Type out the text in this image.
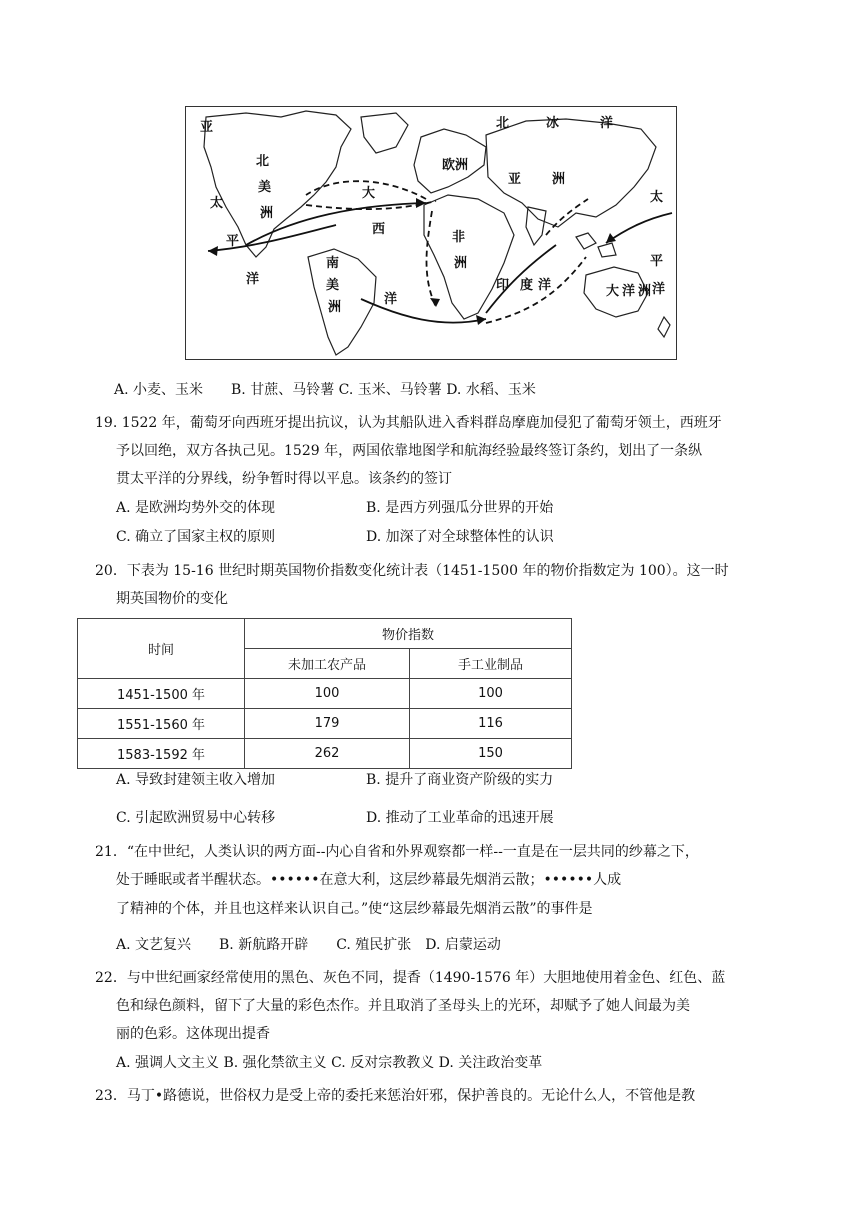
亚
北
美
洲
太
平
洋
大
西
洋
欧洲
亚 洲
非
洲
南
美
洲
印 度 洋
北	冰	洋
太
平
洋
大 洋 洲
A. 小麦、玉米　　B. 甘蔗、马铃薯 C. 玉米、马铃薯 D. 水稻、玉米
19. 1522 年，葡萄牙向西班牙提出抗议，认为其船队进入香料群岛摩鹿加侵犯了葡萄牙领土，西班牙
予以回绝，双方各执己见。1529 年，两国依靠地图学和航海经验最终签订条约，划出了一条纵
贯太平洋的分界线，纷争暂时得以平息。该条约的签订
A. 是欧洲均势外交的体现	B. 是西方列强瓜分世界的开始
C. 确立了国家主权的原则	D. 加深了对全球整体性的认识
20．下表为 15-16 世纪时期英国物价指数变化统计表（1451-1500 年的物价指数定为 100）。这一时
期英国物价的变化
时间	物价指数	
	未加工农产品	手工业制品
1451-1500 年	100	100
1551-1560 年	179	116
1583-1592 年	262	150
A. 导致封建领主收入增加	B. 提升了商业资产阶级的实力
C. 引起欧洲贸易中心转移	D. 推动了工业革命的迅速开展
21．“在中世纪，人类认识的两方面--内心自省和外界观察都一样--一直是在一层共同的纱幕之下，
处于睡眠或者半醒状态。••••••在意大利，这层纱幕最先烟消云散；••••••人成
了精神的个体，并且也这样来认识自己。”使“这层纱幕最先烟消云散”的事件是
A. 文艺复兴　　B. 新航路开辟　　C. 殖民扩张　D. 启蒙运动
22．与中世纪画家经常使用的黑色、灰色不同，提香（1490-1576 年）大胆地使用着金色、红色、蓝
色和绿色颜料，留下了大量的彩色杰作。并且取消了圣母头上的光环，却赋予了她人间最为美
丽的色彩。这体现出提香
A. 强调人文主义 B. 强化禁欲主义 C. 反对宗教教义 D. 关注政治变革
23．马丁•路德说，世俗权力是受上帝的委托来惩治奸邪，保护善良的。无论什么人，不管他是教
